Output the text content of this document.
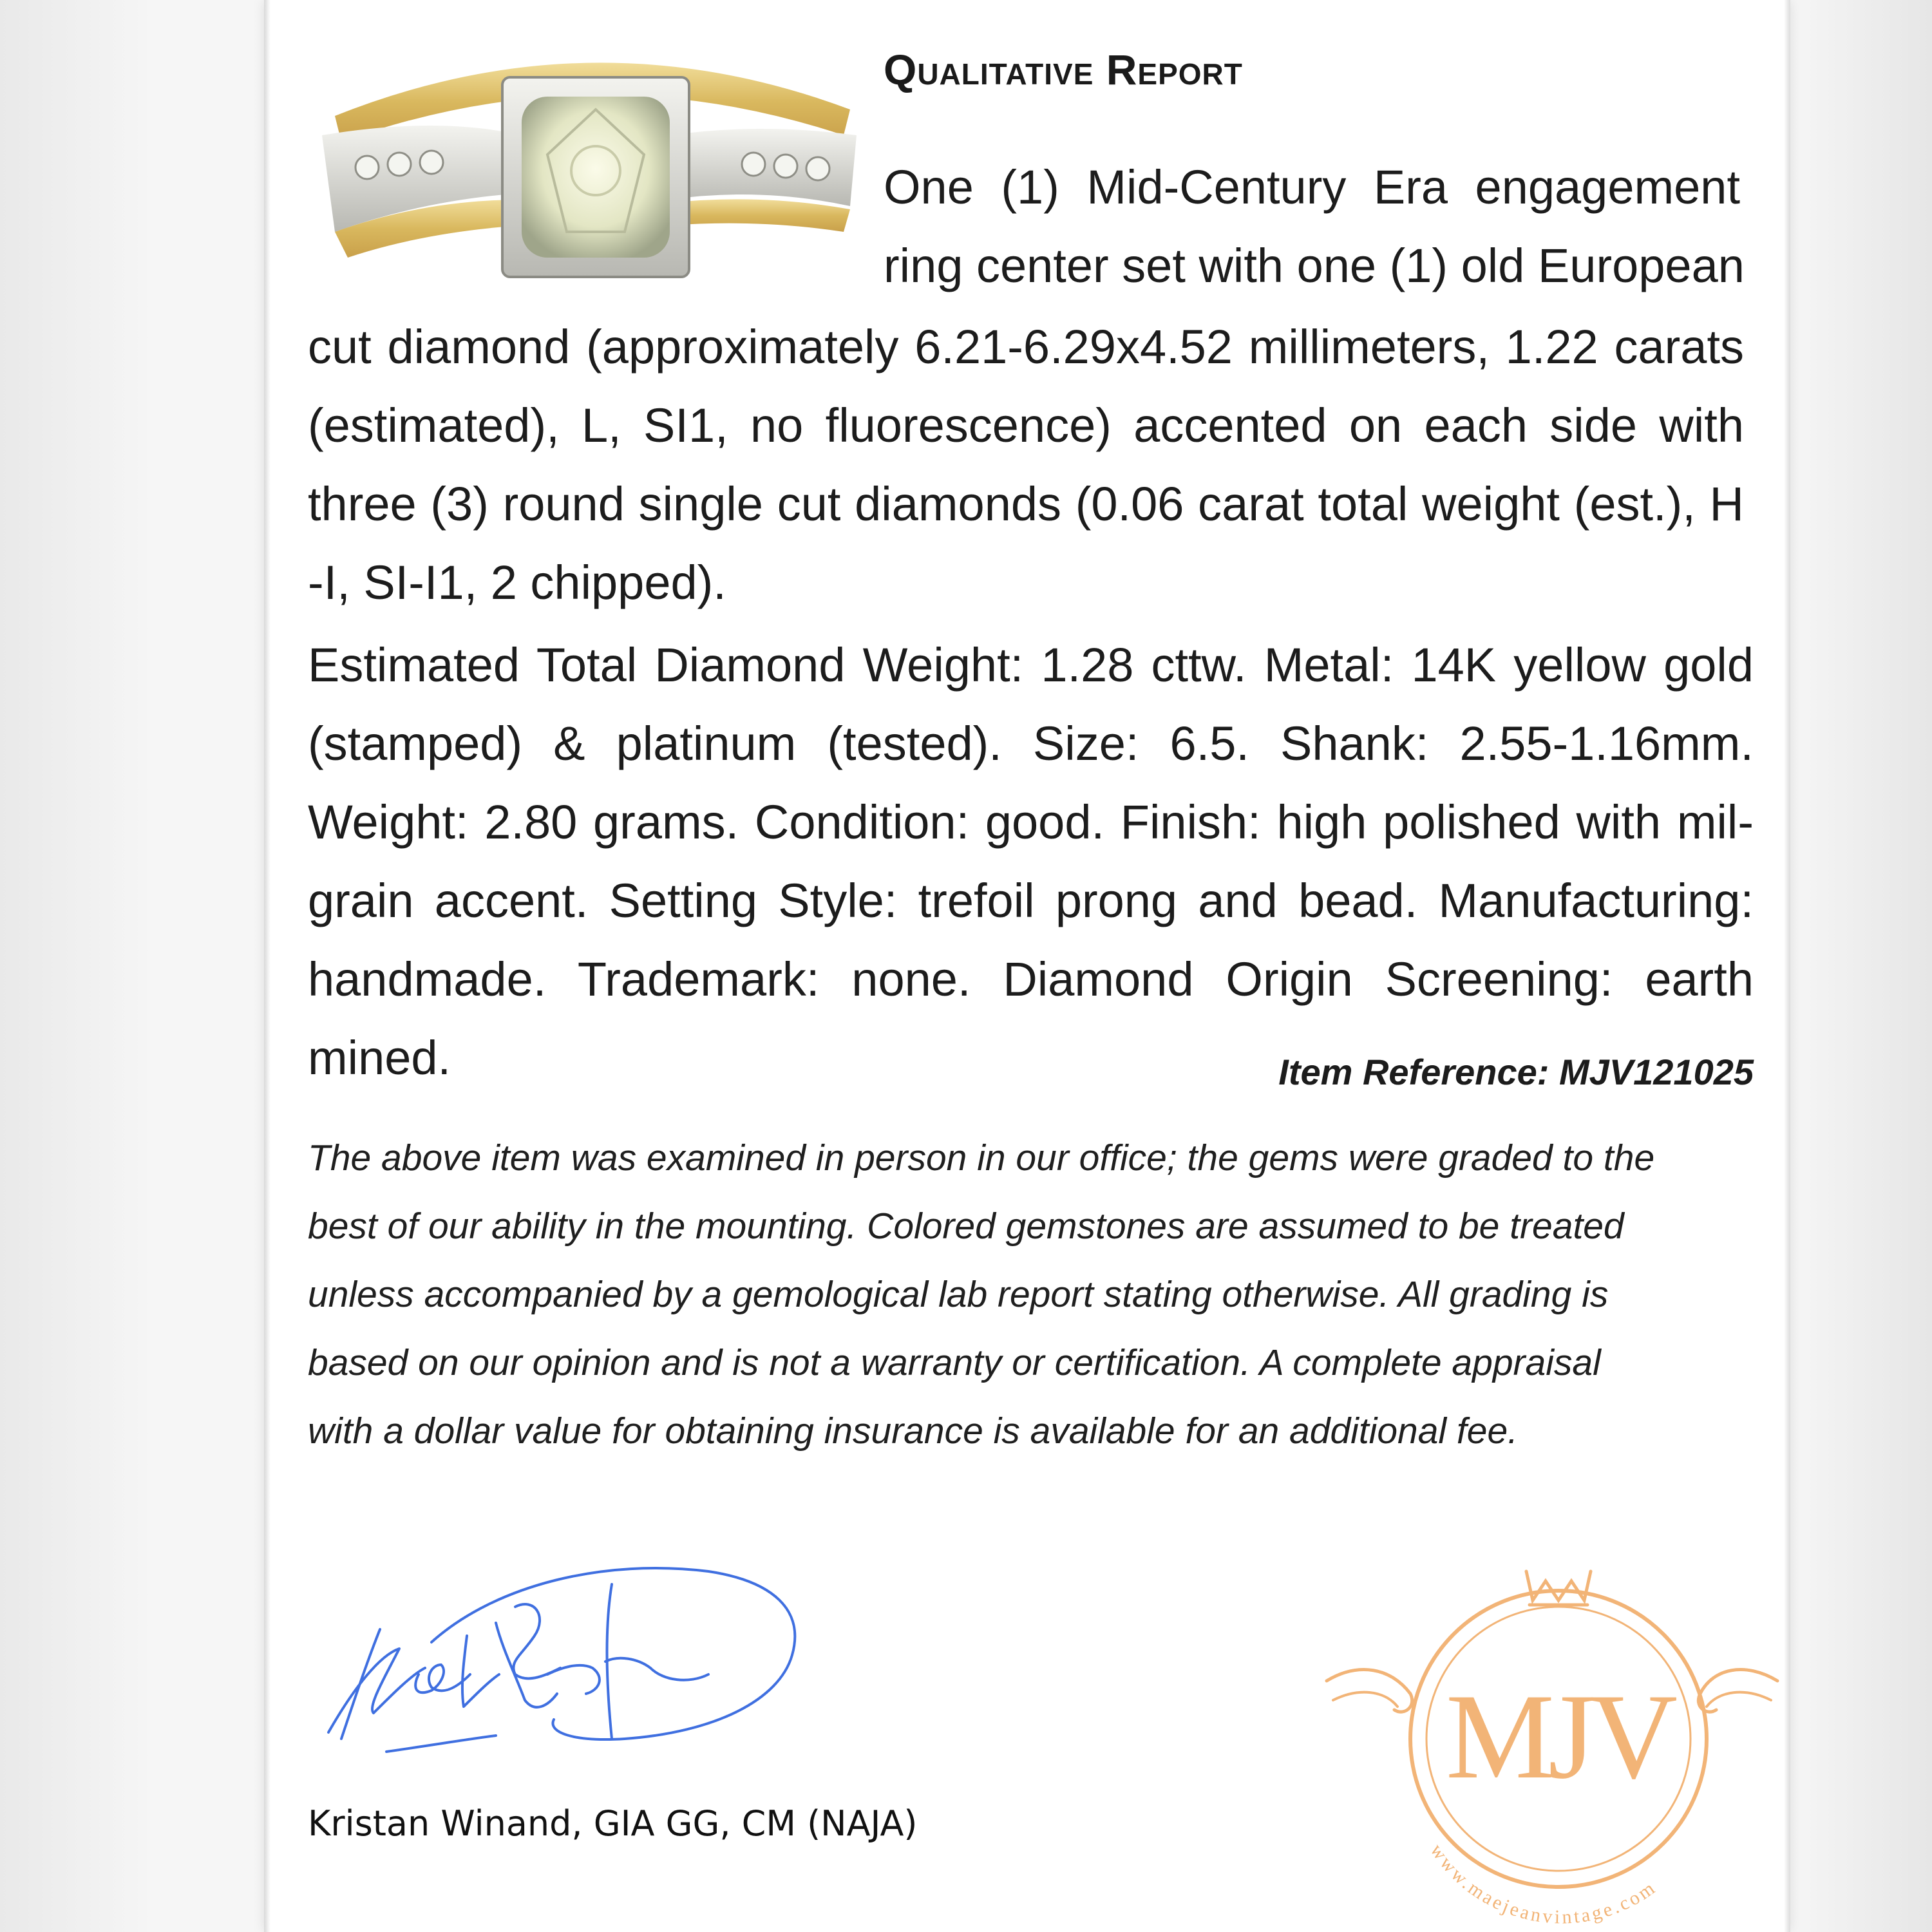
Qualitative Report
One (1) Mid-Century Era engagement
ring center set with one (1) old European
cut diamond (approximately 6.21-6.29x4.52 millimeters, 1.22 carats
(estimated), L, SI1, no fluorescence) accented on each side with
three (3) round single cut diamonds (0.06 carat total weight (est.), H
-I, SI-I1, 2 chipped).
Estimated Total Diamond Weight: 1.28 cttw. Metal: 14K yellow gold
(stamped) & platinum (tested). Size: 6.5. Shank: 2.55-1.16mm.
Weight: 2.80 grams. Condition: good. Finish: high polished with mil-
grain accent. Setting Style: trefoil prong and bead. Manufacturing:
handmade. Trademark: none. Diamond Origin Screening: earth
mined.	Item Reference: MJV121025
The above item was examined in person in our office; the gems were graded to the
best of our ability in the mounting. Colored gemstones are assumed to be treated
unless accompanied by a gemological lab report stating otherwise. All grading is
based on our opinion and is not a warranty or certification. A complete appraisal
with a dollar value for obtaining insurance is available for an additional fee.
Kristan Winand, GIA GG, CM (NAJA)
MJV
www.maejeanvintage.com
